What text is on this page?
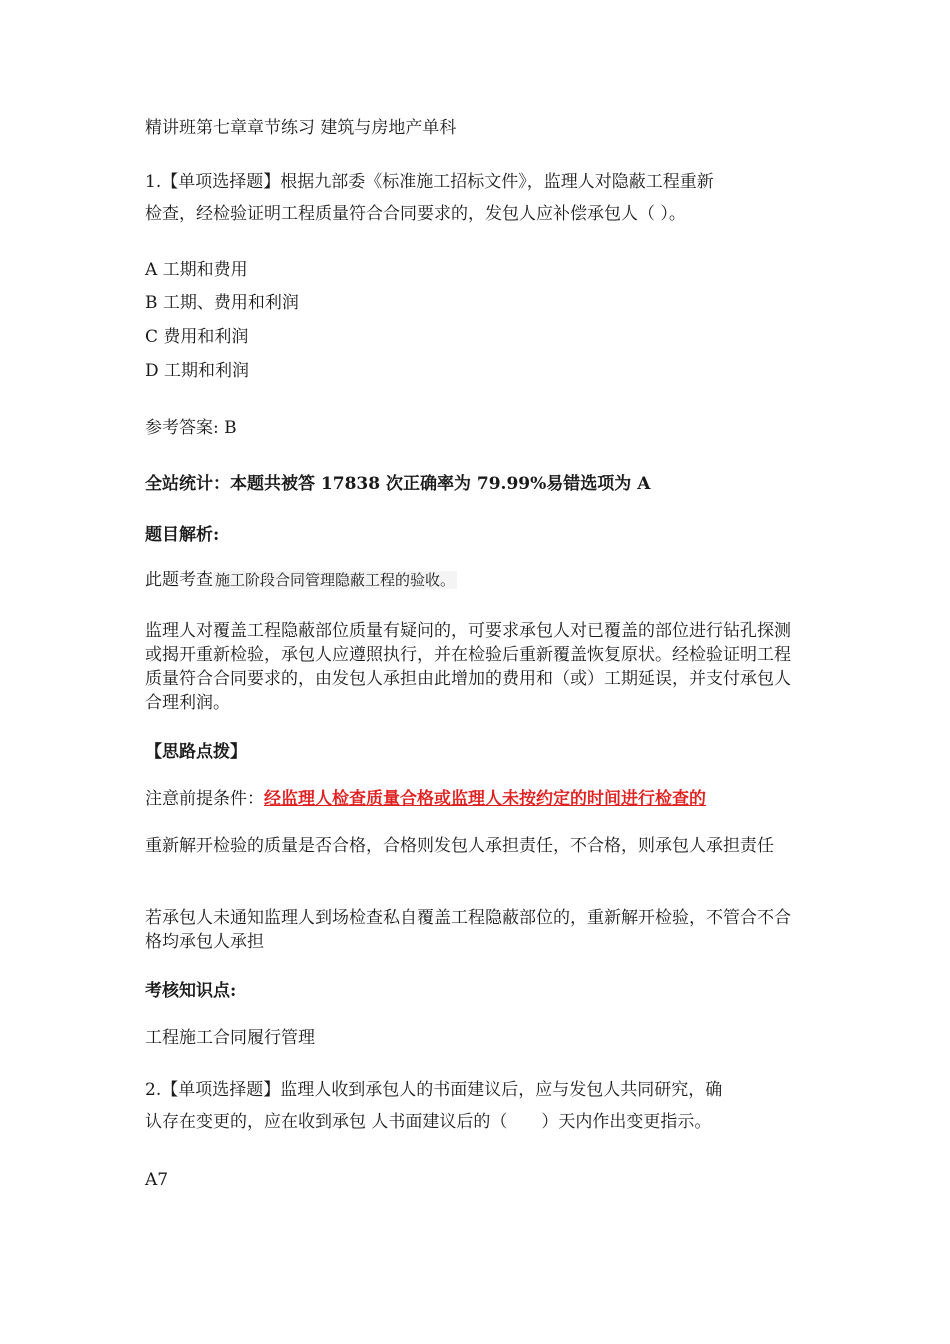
精讲班第七章章节练习 建筑与房地产单科
1.【单项选择题】根据九部委《标准施工招标文件》，监理人对隐蔽工程重新
检查，经检验证明工程质量符合合同要求的，发包人应补偿承包人（ ）。
A 工期和费用
B 工期、费用和利润
C 费用和利润
D 工期和利润
参考答案: B
全站统计：本题共被答 17838 次正确率为 79.99%易错选项为 A
题目解析:
此题考查 施工阶段合同管理隐蔽工程的验收。
监理人对覆盖工程隐蔽部位质量有疑问的，可要求承包人对已覆盖的部位进行钻孔探测或揭开重新检验，承包人应遵照执行，并在检验后重新覆盖恢复原状。经检验证明工程质量符合合同要求的，由发包人承担由此增加的费用和（或）工期延误，并支付承包人合理利润。
【思路点拨】
注意前提条件：经监理人检查质量合格或监理人未按约定的时间进行检查的
重新解开检验的质量是否合格，合格则发包人承担责任，不合格，则承包人承担责任
若承包人未通知监理人到场检查私自覆盖工程隐蔽部位的，重新解开检验，不管合不合格均承包人承担
考核知识点:
工程施工合同履行管理
2.【单项选择题】监理人收到承包人的书面建议后，应与发包人共同研究，确
认存在变更的，应在收到承包 人书面建议后的（　　）天内作出变更指示。
A7
